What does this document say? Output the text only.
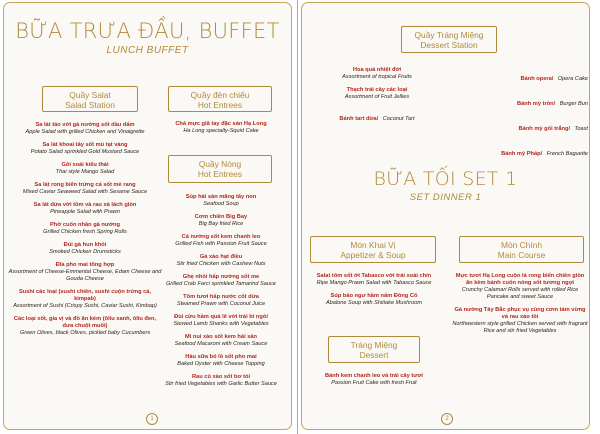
BỮA TRƯA ĐẦU, BUFFET
LUNCH BUFFET
Quầy Salat
Salad Station
Sa lát táo với gà nướng sốt dầu dấm
Apple Salad with grilled Chicken and Vinaigrette
Sa lát khoai tây sốt mù tạt vàng
Potato Salad sprinkled Gold Mustard Sauce
Gỏi xoài kiểu thái
Thai style Mango Salad
Sa lát rong biển trứng cá sốt mè rang
Mixed Caviar Seaweed Salad with Sesame Sauce
Sa lát dứa với tôm và rau xà lách giòn
Pineapple Salad with Prawn
Phở cuốn nhân gà nướng
Grilled Chicken fresh Spring Rolls
Đùi gà hun khói
Smoked Chicken Drumsticks
Đĩa pho mai tổng hợp
Assortment of Cheese-Emmental Cheese, Edam Cheese and Gouda Cheese
Sushi các loại (sushi chiên, sushi cuộn trứng cá, kimpab)
Assortment of Sushi (Crispy Sushi, Caviar Sushi, Kimbap)
Các loại xốt, gia vị và đồ ăn kèm (ôliu xanh, ôliu đen, dưa chuột muối)
Green Olives, black Olives, pickled baby Cucumbers
Quầy đèn chiếu
Hot Entrees
Chả mực giã tay đặc sản Hạ Long
Ha Long specialty-Squid Cake
Quầy Nóng
Hot Entrees
Súp hải sản măng tây non
Seafood Soup
Cơm chiên Big Bay
Big Bay fried Rice
Cá nướng sốt kem chanh leo
Grilled Fish with Passion Fruit Sauce
Gà xào hạt điều
Stir fried Chicken with Cashew Nuts
Ghẹ nhồi hấp nướng sốt me
Grilled Crab Farci sprinkled Tamarind Sauce
Tôm tươi hấp nước cốt dừa
Steamed Prawn with Coconut Juice
Đùi cừu hầm quả lê với trái bí ngòi
Stewed Lamb Shanks with Vegetables
Mì nui xào sốt kem hải sản
Seafood Macaroni with Cream Sauce
Hàu sữa bỏ lò sốt pho mai
Baked Oyster with Cheese Topping
Rau củ xào sốt bơ tỏi
Stir fried Vegetables with Garlic Butter Sauce
1
Quầy Tráng Miệng
Dessert Station
Hoa quả nhiệt đới
Assortment of tropical Fruits
Thạch trái cây các loại
Assortment of Fruit Jellies
Bánh tart dừa/ Coconut Tart
Bánh opera/ Opera Cake
Bánh mỳ tròn/ Burger Bun
Bánh mỳ gối trắng/ Toast
Bánh mỳ Pháp/ French Baguette
BỮA TỐI SET 1
SET DINNER 1
Món Khai Vị
Appetizer & Soup
Salat tôm sốt ớt Tabasco với trái xoài chín
Ripe Mango Prawn Salad with Tabasco Sauce
Súp bào ngư hầm nấm Đông Cô
Abalone Soup with Shiitake Mushroom
Món Chính
Main Course
Mực tươi Hạ Long cuộn lá rong biển chiên giòn ăn kèm bánh cuốn nóng sốt tương ngọt
Crunchy Calamari Rolls served with rolled Rice Pancake and sweet Sauce
Gà nướng Tây Bắc phục vụ cùng cơm tám vừng và rau xào tỏi
Northwestern style grilled Chicken served with fragrant Rice and stir fried Vegetables
Tráng Miệng
Dessert
Bánh kem chanh leo và trái cây tươi
Passion Fruit Cake with fresh Fruit
2
